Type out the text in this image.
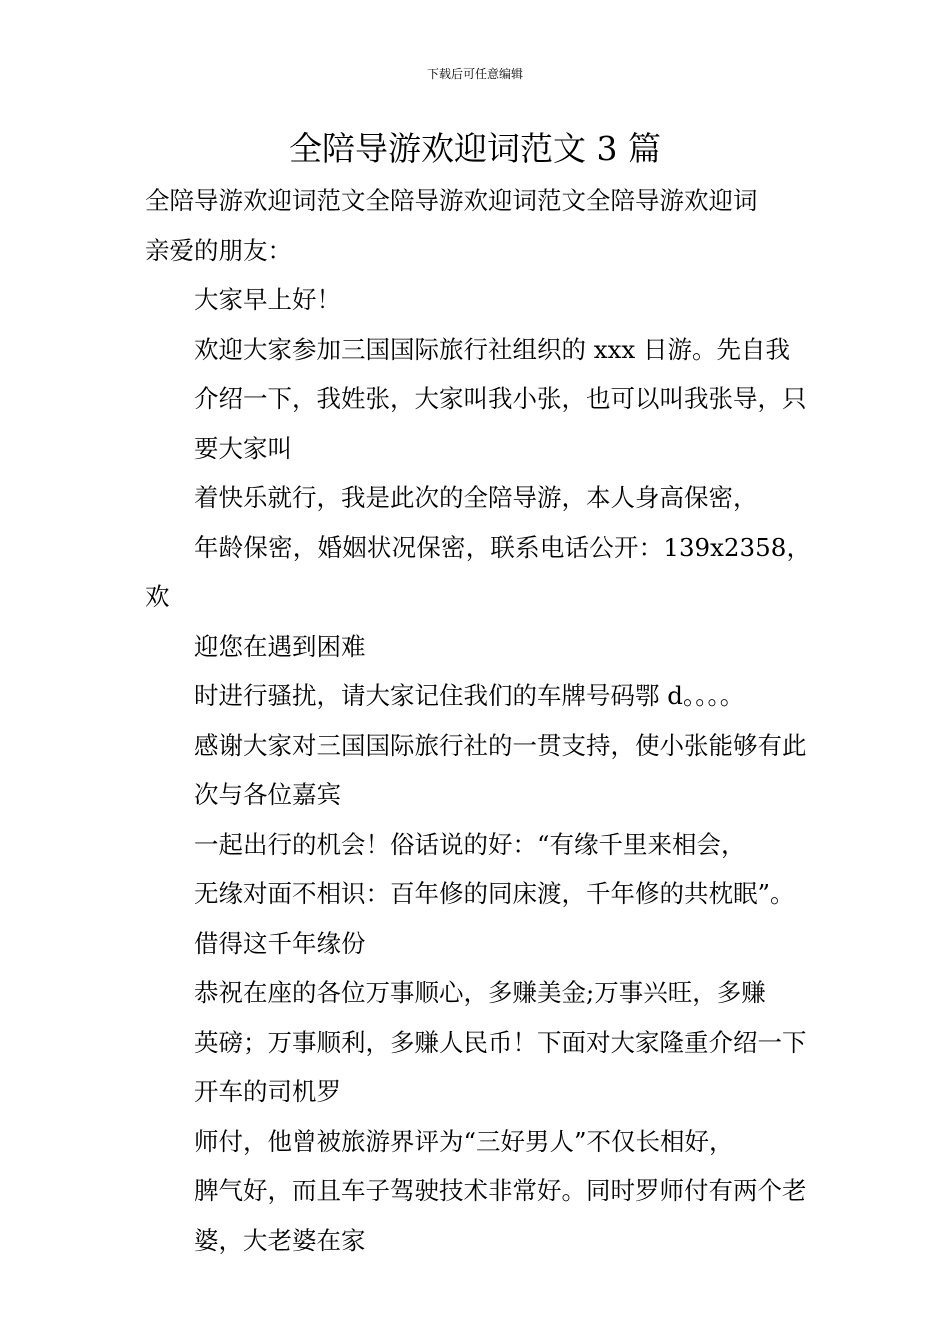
下载后可任意编辑
全陪导游欢迎词范文 3 篇

全陪导游欢迎词范文全陪导游欢迎词范文全陪导游欢迎词
亲爱的朋友：

大家早上好！

欢迎大家参加三国国际旅行社组织的 xxx 日游。先自我
介绍一下，我姓张，大家叫我小张，也可以叫我张导，只
要大家叫

着快乐就行，我是此次的全陪导游，本人身高保密，
年龄保密，婚姻状况保密，联系电话公开：139x2358，欢
迎您在遇到困难

时进行骚扰，请大家记住我们的车牌号码鄂 d。。。。
感谢大家对三国国际旅行社的一贯支持，使小张能够有此
次与各位嘉宾

一起出行的机会！俗话说的好：“有缘千里来相会，
无缘对面不相识：百年修的同床渡，千年修的共枕眠”。
借得这千年缘份

恭祝在座的各位万事顺心，多赚美金;万事兴旺，多赚
英磅；万事顺利，多赚人民币！下面对大家隆重介绍一下
开车的司机罗

师付，他曾被旅游界评为“三好男人”不仅长相好，
脾气好，而且车子驾驶技术非常好。同时罗师付有两个老
婆，大老婆在家
